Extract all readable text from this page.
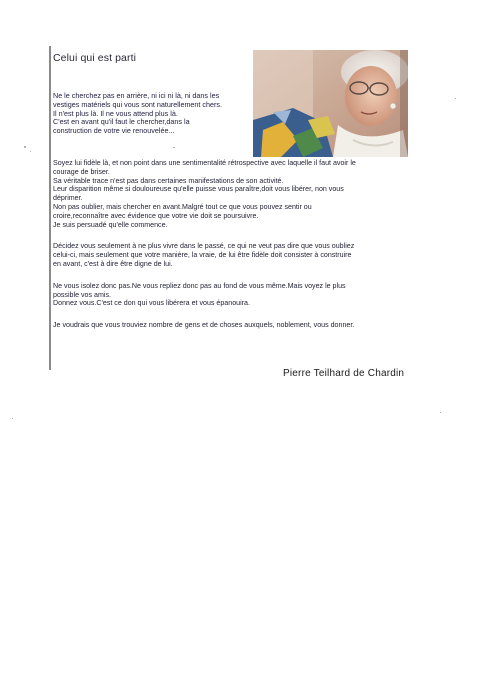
Celui qui est parti

Ne le cherchez pas en arrière, ni ici ni là, ni dans les

vestiges matériels qui vous sont naturellement chers.

Il n'est plus là. Il ne vous attend plus là.

C'est en avant qu'il faut le chercher,dans la

construction de votre vie renouvelée...

Soyez lui fidèle là, et non point dans une sentimentalité rétrospective avec laquelle il faut avoir le

courage de briser.

Sa véritable trace n'est pas dans certaines manifestations de son activité.

Leur disparition même si douloureuse qu'elle puisse vous paraître,doit vous libérer, non vous

déprimer.

Non pas oublier, mais chercher en avant.Malgré tout ce que vous pouvez sentir ou

croire,reconnaître avec évidence que votre vie doit se poursuivre.

Je suis persuadé qu'elle commence.

Décidez vous seulement à ne plus vivre dans le passé, ce qui ne veut pas dire que vous oubliez

celui-ci, mais seulement que votre manière, la vraie, de lui être fidèle doit consister à construire

en avant, c'est à dire être digne de lui.

Ne vous isolez donc pas.Ne vous repliez donc pas au fond de vous même.Mais voyez le plus

possible vos amis.

Donnez vous.C'est ce don qui vous libérera et vous épanouira.

Je voudrais que vous trouviez nombre de gens et de choses auxquels, noblement, vous donner.

Pierre Teilhard de Chardin
